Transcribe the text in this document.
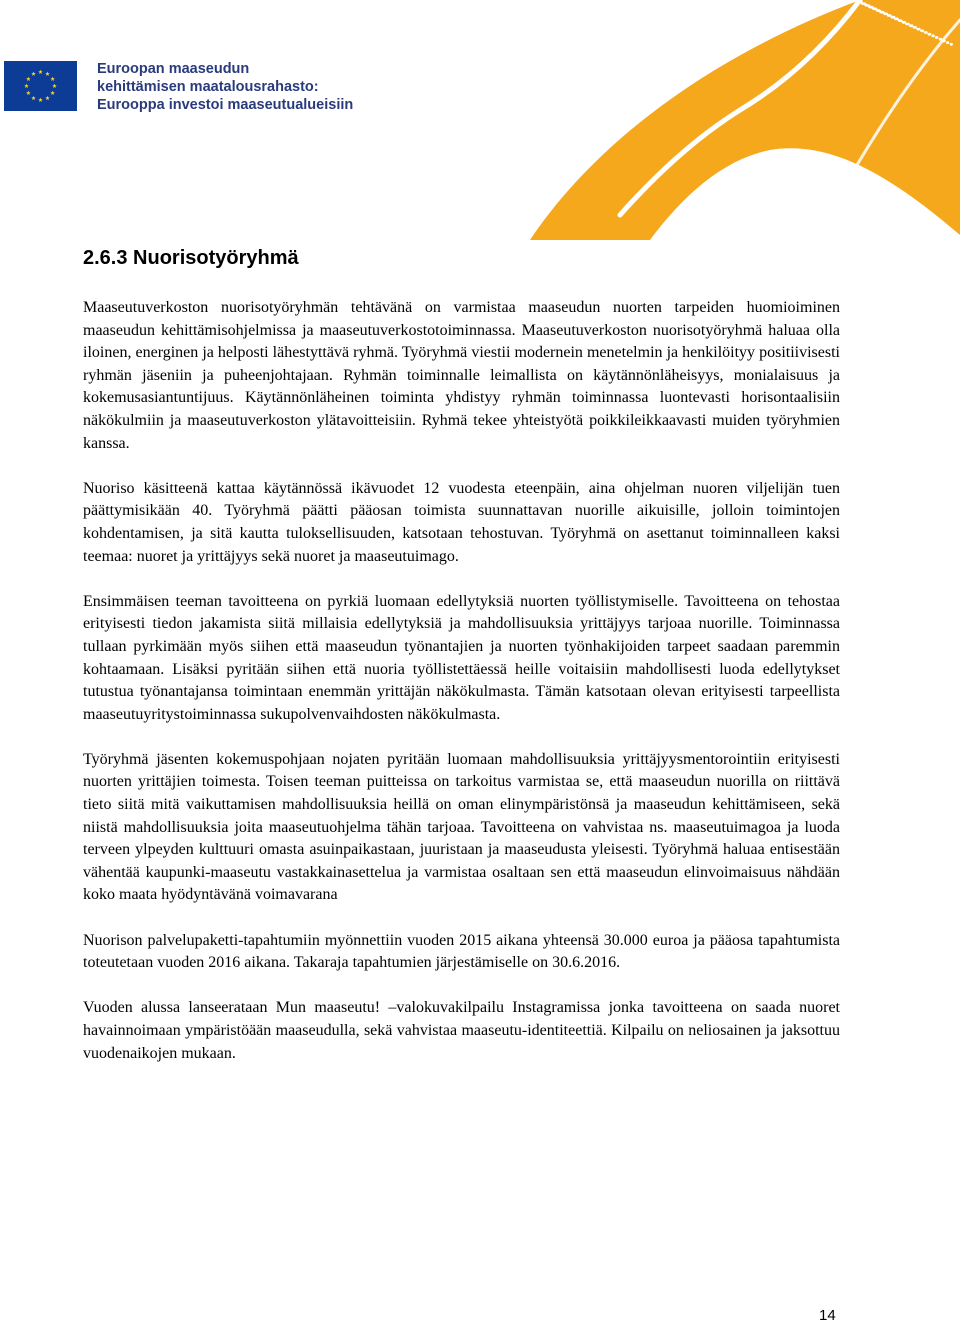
Euroopan maaseudun
kehittämisen maatalousrahasto:
Eurooppa investoi maaseutualueisiin
2.6.3 Nuorisotyöryhmä

Maaseutuverkoston nuorisotyöryhmän tehtävänä on varmistaa maaseudun nuorten tarpeiden huomioiminen maaseudun kehittämisohjelmissa ja maaseutuverkostotoiminnassa. Maaseutuverkoston nuorisotyöryhmä haluaa olla iloinen, energinen ja helposti lähestyttävä ryhmä. Työryhmä viestii modernein menetelmin ja henkilöityy positiivisesti ryhmän jäseniin ja puheenjohtajaan. Ryhmän toiminnalle leimallista on käytännönläheisyys, monialaisuus ja kokemusasiantuntijuus. Käytännönläheinen toiminta yhdistyy ryhmän toiminnassa luontevasti horisontaalisiin näkökulmiin ja maaseutuverkoston ylätavoitteisiin. Ryhmä tekee yhteistyötä poikkileikkaavasti muiden työryhmien kanssa.

Nuoriso käsitteenä kattaa käytännössä ikävuodet 12 vuodesta eteenpäin, aina ohjelman nuoren viljelijän tuen päättymisikään 40. Työryhmä päätti pääosan toimista suunnattavan nuorille aikuisille, jolloin toimintojen kohdentamisen, ja sitä kautta tuloksellisuuden, katsotaan tehostuvan. Työryhmä on asettanut toiminnalleen kaksi teemaa: nuoret ja yrittäjyys sekä nuoret ja maaseutuimago.

Ensimmäisen teeman tavoitteena on pyrkiä luomaan edellytyksiä nuorten työllistymiselle. Tavoitteena on tehostaa erityisesti tiedon jakamista siitä millaisia edellytyksiä ja mahdollisuuksia yrittäjyys tarjoaa nuorille. Toiminnassa tullaan pyrkimään myös siihen että maaseudun työnantajien ja nuorten työnhakijoiden tarpeet saadaan paremmin kohtaamaan. Lisäksi pyritään siihen että nuoria työllistettäessä heille voitaisiin mahdollisesti luoda edellytykset tutustua työnantajansa toimintaan enemmän yrittäjän näkökulmasta. Tämän katsotaan olevan erityisesti tarpeellista maaseutuyritystoiminnassa sukupolvenvaihdosten näkökulmasta.

Työryhmä jäsenten kokemuspohjaan nojaten pyritään luomaan mahdollisuuksia yrittäjyysmentorointiin erityisesti nuorten yrittäjien toimesta. Toisen teeman puitteissa on tarkoitus varmistaa se, että maaseudun nuorilla on riittävä tieto siitä mitä vaikuttamisen mahdollisuuksia heillä on oman elinympäristönsä ja maaseudun kehittämiseen, sekä niistä mahdollisuuksia joita maaseutuohjelma tähän tarjoaa. Tavoitteena on vahvistaa ns. maaseutuimagoa ja luoda terveen ylpeyden kulttuuri omasta asuinpaikastaan, juuristaan ja maaseudusta yleisesti. Työryhmä haluaa entisestään vähentää kaupunki-maaseutu vastakkainasettelua ja varmistaa osaltaan sen että maaseudun elinvoimaisuus nähdään koko maata hyödyntävänä voimavarana

Nuorison palvelupaketti-tapahtumiin myönnettiin vuoden 2015 aikana yhteensä 30.000 euroa ja pääosa tapahtumista toteutetaan vuoden 2016 aikana. Takaraja tapahtumien järjestämiselle on 30.6.2016.

Vuoden alussa lanseerataan Mun maaseutu! –valokuvakilpailu Instagramissa jonka tavoitteena on saada nuoret havainnoimaan ympäristöään maaseudulla, sekä vahvistaa maaseutu-identiteettiä. Kilpailu on neliosainen ja jaksottuu vuodenaikojen mukaan.

14
